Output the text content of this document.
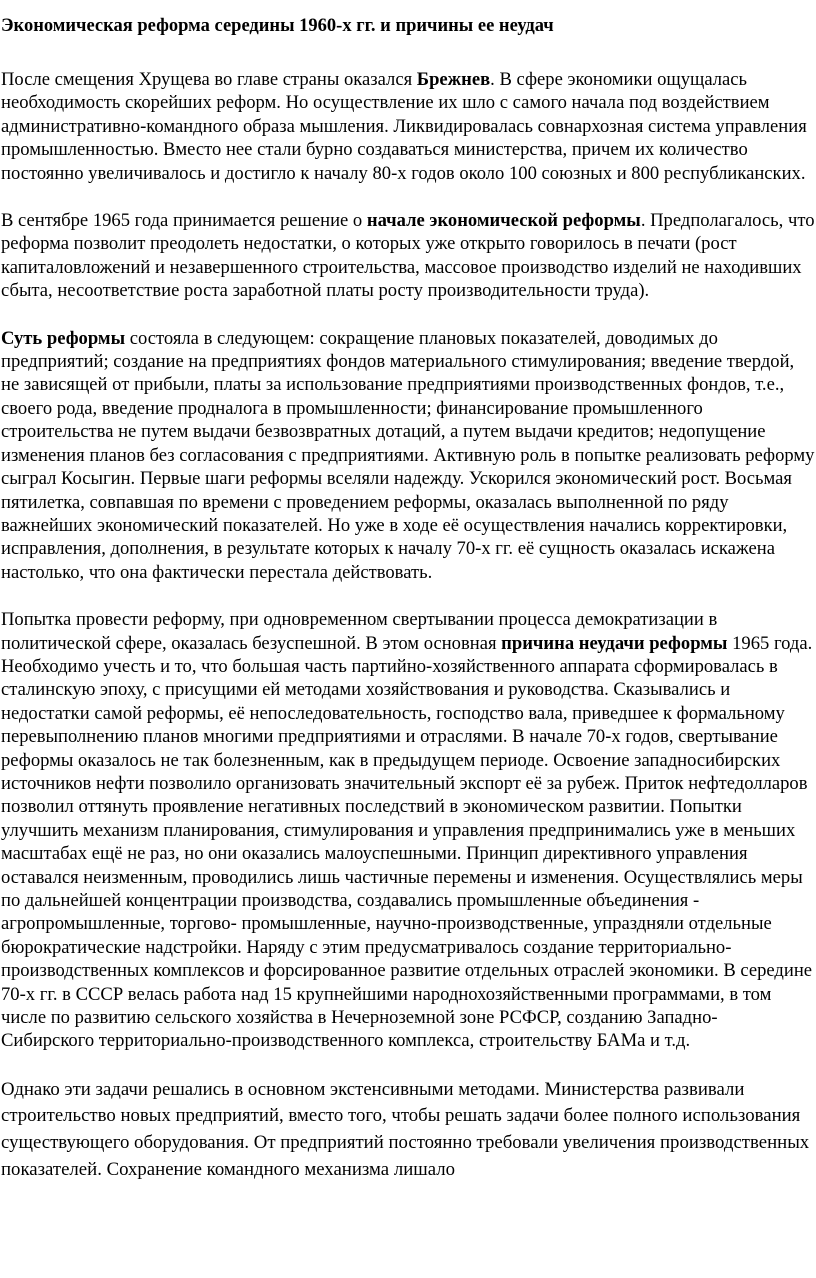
Экономическая реформа середины 1960-х гг. и причины ее неудач

После смещения Хрущева во главе страны оказался Брежнев. В сфере экономики ощущалась необходимость скорейших реформ. Но осуществление их шло с самого начала под воздействием административно-командного образа мышления. Ликвидировалась совнархозная система управления промышленностью. Вместо нее стали бурно создаваться министерства, причем их количество постоянно увеличивалось и достигло к началу 80-х годов около 100 союзных и 800 республиканских.

В сентябре 1965 года принимается решение о начале экономической реформы. Предполагалось, что реформа позволит преодолеть недостатки, о которых уже открыто говорилось в печати (рост капиталовложений и незавершенного строительства, массовое производство изделий не находивших сбыта, несоответствие роста заработной платы росту производительности труда).

Суть реформы состояла в следующем: сокращение плановых показателей, доводимых до предприятий; создание на предприятиях фондов материального стимулирования; введение твердой, не зависящей от прибыли, платы за использование предприятиями производственных фондов, т.е., своего рода, введение продналога в промышленности; финансирование промышленного строительства не путем выдачи безвозвратных дотаций, а путем выдачи кредитов; недопущение изменения планов без согласования с предприятиями. Активную роль в попытке реализовать реформу сыграл Косыгин. Первые шаги реформы вселяли надежду. Ускорился экономический рост. Восьмая пятилетка, совпавшая по времени с проведением реформы, оказалась выполненной по ряду важнейших экономический показателей. Но уже в ходе её осуществления начались корректировки, исправления, дополнения, в результате которых к началу 70-х гг. её сущность оказалась искажена настолько, что она фактически перестала действовать.

Попытка провести реформу, при одновременном свертывании процесса демократизации в политической сфере, оказалась безуспешной. В этом основная причина неудачи реформы 1965 года. Необходимо учесть и то, что большая часть партийно-хозяйственного аппарата сформировалась в сталинскую эпоху, с присущими ей методами хозяйствования и руководства. Сказывались и недостатки самой реформы, её непоследовательность, господство вала, приведшее к формальному перевыполнению планов многими предприятиями и отраслями. В начале 70-х годов, свертывание реформы оказалось не так болезненным, как в предыдущем периоде. Освоение западносибирских источников нефти позволило организовать значительный экспорт её за рубеж. Приток нефтедолларов позволил оттянуть проявление негативных последствий в экономическом развитии. Попытки улучшить механизм планирования, стимулирования и управления предпринимались уже в меньших масштабах ещё не раз, но они оказались малоуспешными. Принцип директивного управления оставался неизменным, проводились лишь частичные перемены и изменения. Осуществлялись меры по дальнейшей концентрации производства, создавались промышленные объединения - агропромышленные, торгово- промышленные, научно-производственные, упраздняли отдельные бюрократические надстройки. Наряду с этим предусматривалось создание территориально-производственных комплексов и форсированное развитие отдельных отраслей экономики. В середине 70-х гг. в СССР велась работа над 15 крупнейшими народнохозяйственными программами, в том числе по развитию сельского хозяйства в Нечерноземной зоне РСФСР, созданию Западно- Сибирского территориально-производственного комплекса, строительству БАМа и т.д.

Однако эти задачи решались в основном экстенсивными методами. Министерства развивали строительство новых предприятий, вместо того, чтобы решать задачи более полного использования существующего оборудования. От предприятий постоянно требовали увеличения производственных показателей. Сохранение командного механизма лишало
